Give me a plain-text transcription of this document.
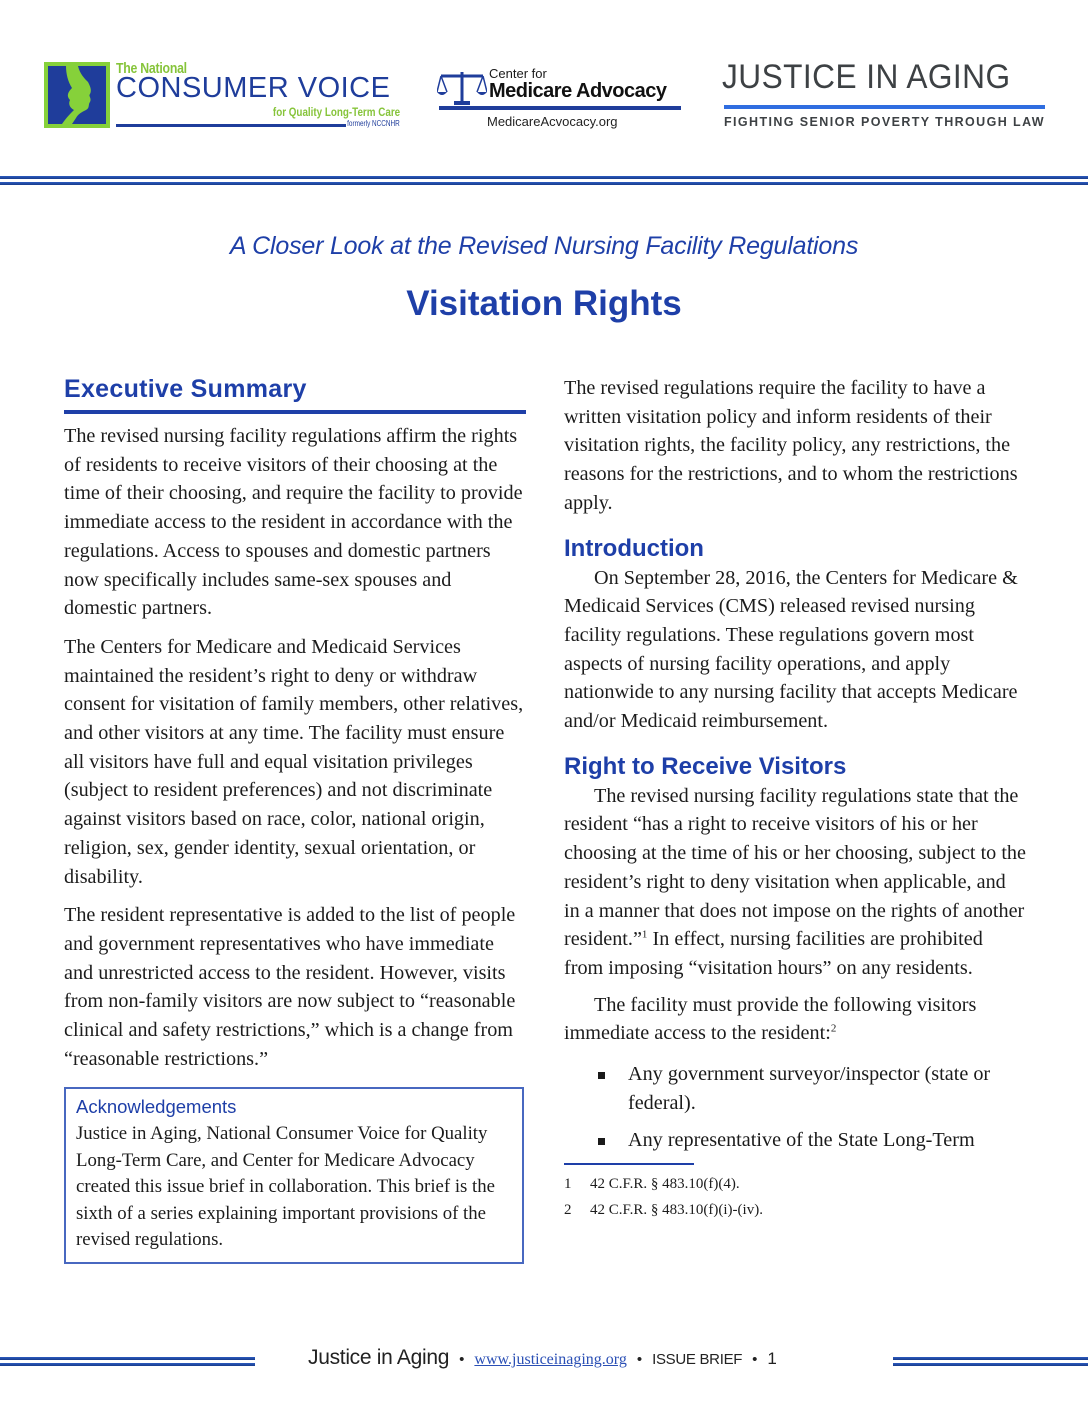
The National
CONSUMER VOICE
for Quality Long-Term Care
formerly NCCNHR
Center for
Medicare Advocacy
MedicareAcvocacy.org
JUSTICE IN AGING
FIGHTING SENIOR POVERTY THROUGH LAW
A Closer Look at the Revised Nursing Facility Regulations
Visitation Rights
Executive Summary

The revised nursing facility regulations affirm the rights of residents to receive visitors of their choosing at the time of their choosing, and require the facility to provide immediate access to the resident in accordance with the regulations. Access to spouses and domestic partners now specifically includes same-sex spouses and domestic partners.

The Centers for Medicare and Medicaid Services maintained the resident’s right to deny or withdraw consent for visitation of family members, other relatives, and other visitors at any time. The facility must ensure all visitors have full and equal visitation privileges (subject to resident preferences) and not discriminate against visitors based on race, color, national origin, religion, sex, gender identity, sexual orientation, or disability.

The resident representative is added to the list of people and government representatives who have immediate and unrestricted access to the resident. However, visits from non-family visitors are now subject to “reasonable clinical and safety restrictions,” which is a change from “reasonable restrictions.”

Acknowledgements
Justice in Aging, National Consumer Voice for Quality Long-Term Care, and Center for Medicare Advocacy created this issue brief in collaboration. This brief is the sixth of a series explaining important provisions of the revised regulations.

The revised regulations require the facility to have a written visitation policy and inform residents of their visitation rights, the facility policy, any restrictions, the reasons for the restrictions, and to whom the restrictions apply.

Introduction

On September 28, 2016, the Centers for Medicare & Medicaid Services (CMS) released revised nursing facility regulations. These regulations govern most aspects of nursing facility operations, and apply nationwide to any nursing facility that accepts Medicare and/or Medicaid reimbursement.

Right to Receive Visitors

The revised nursing facility regulations state that the resident “has a right to receive visitors of his or her choosing at the time of his or her choosing, subject to the resident’s right to deny visitation when applicable, and in a manner that does not impose on the rights of another resident.”$^1$ In effect, nursing facilities are prohibited from imposing “visitation hours” on any residents.

The facility must provide the following visitors immediate access to the resident:$^2$

Any government surveyor/inspector (state or federal).
Any representative of the State Long-Term
1 42 C.F.R. § 483.10(f)(4).
2 42 C.F.R. § 483.10(f)(i)-(iv).
Justice in Aging • www.justiceinaging.org • ISSUE BRIEF • 1
